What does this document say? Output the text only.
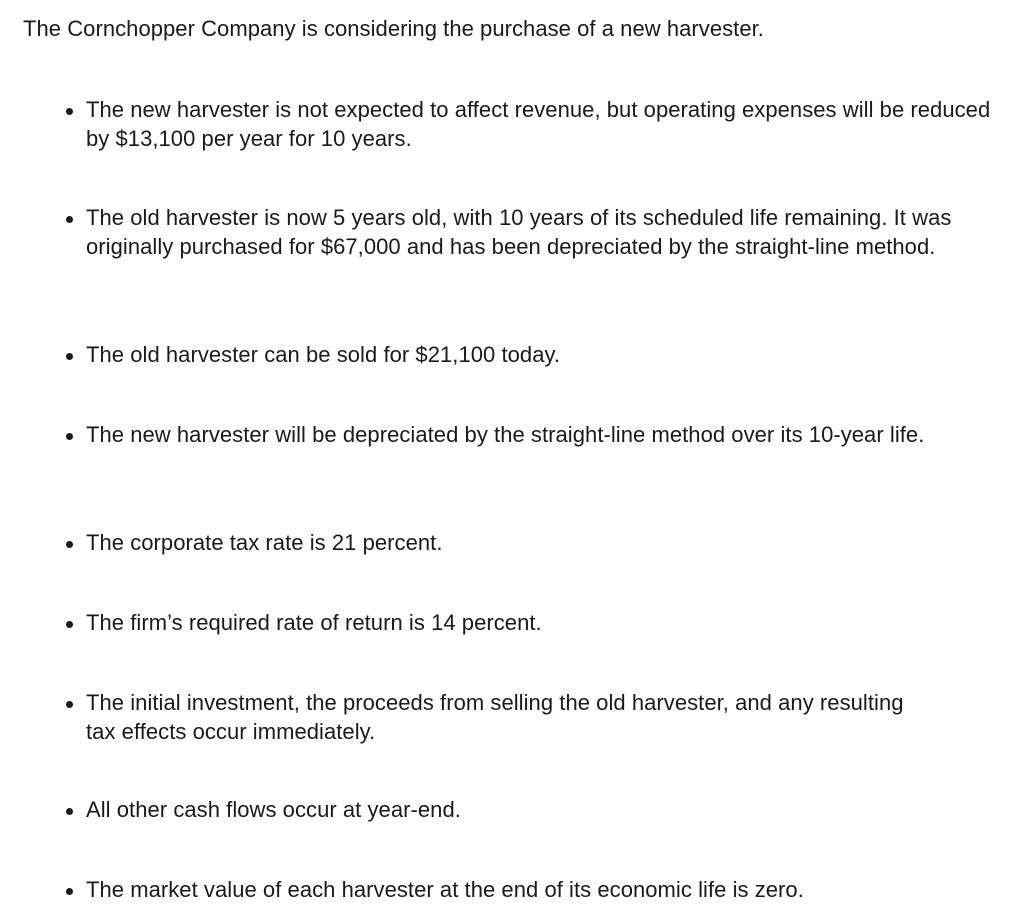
The Cornchopper Company is considering the purchase of a new harvester.

The new harvester is not expected to affect revenue, but operating expenses will be reduced by $13,100 per year for 10 years.

The old harvester is now 5 years old, with 10 years of its scheduled life remaining. It was originally purchased for $67,000 and has been depreciated by the straight-line method.

The old harvester can be sold for $21,100 today.

The new harvester will be depreciated by the straight-line method over its 10-year life.

The corporate tax rate is 21 percent.

The firm’s required rate of return is 14 percent.

The initial investment, the proceeds from selling the old harvester, and any resulting tax effects occur immediately.

All other cash flows occur at year-end.

The market value of each harvester at the end of its economic life is zero.
